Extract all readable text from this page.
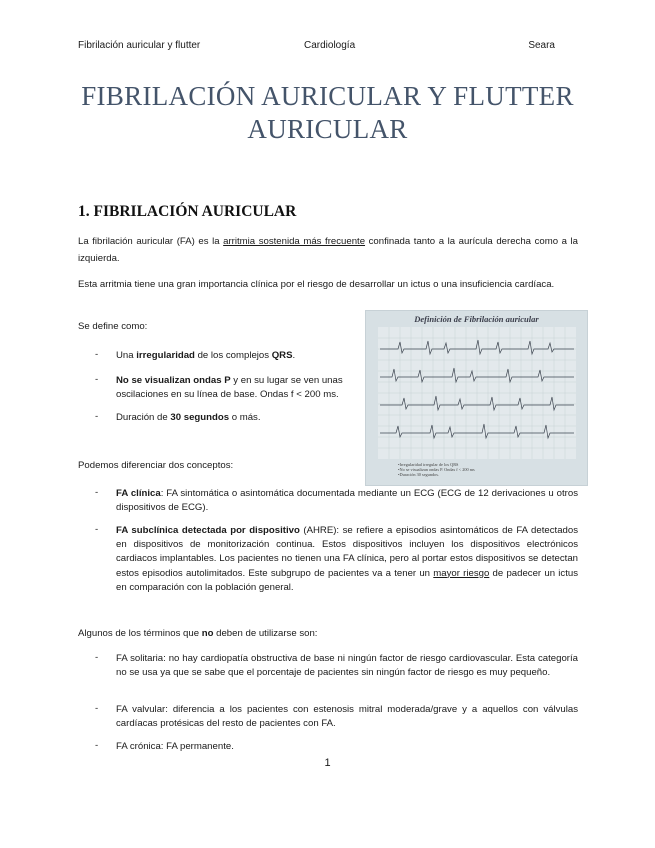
Fibrilación auricular y flutter	Cardiología	Seara
FIBRILACIÓN AURICULAR Y FLUTTER
AURICULAR
1. FIBRILACIÓN AURICULAR
La fibrilación auricular (FA) es la arritmia sostenida más frecuente confinada tanto a la aurícula derecha como a la izquierda.
Esta arritmia tiene una gran importancia clínica por el riesgo de desarrollar un ictus o una insuficiencia cardíaca.
Se define como:
- Una irregularidad de los complejos QRS.
- No se visualizan ondas P y en su lugar se ven unas
oscilaciones en su línea de base. Ondas f < 200 ms.
- Duración de 30 segundos o más.
Definición de Fibrilación auricular
•Irregularidad irregular de los QRS
•No se visualizan ondas P. Ondas f < 200 ms
•Duración 30 segundos.
Podemos diferenciar dos conceptos:
- FA clínica: FA sintomática o asintomática documentada mediante un ECG (ECG de 12 derivaciones u otros dispositivos de ECG).
- FA subclínica detectada por dispositivo (AHRE): se refiere a episodios asintomáticos de FA detectados en dispositivos de monitorización continua. Estos dispositivos incluyen los dispositivos electrónicos cardiacos implantables. Los pacientes no tienen una FA clínica, pero al portar estos dispositivos se detectan estos episodios autolimitados. Este subgrupo de pacientes va a tener un mayor riesgo de padecer un ictus en comparación con la población general.
Algunos de los términos que no deben de utilizarse son:
- FA solitaria: no hay cardiopatía obstructiva de base ni ningún factor de riesgo cardiovascular. Esta categoría no se usa ya que se sabe que el porcentaje de pacientes sin ningún factor de riesgo es muy pequeño.
- FA valvular: diferencia a los pacientes con estenosis mitral moderada/grave y a aquellos con válvulas cardíacas protésicas del resto de pacientes con FA.
- FA crónica: FA permanente.
1
